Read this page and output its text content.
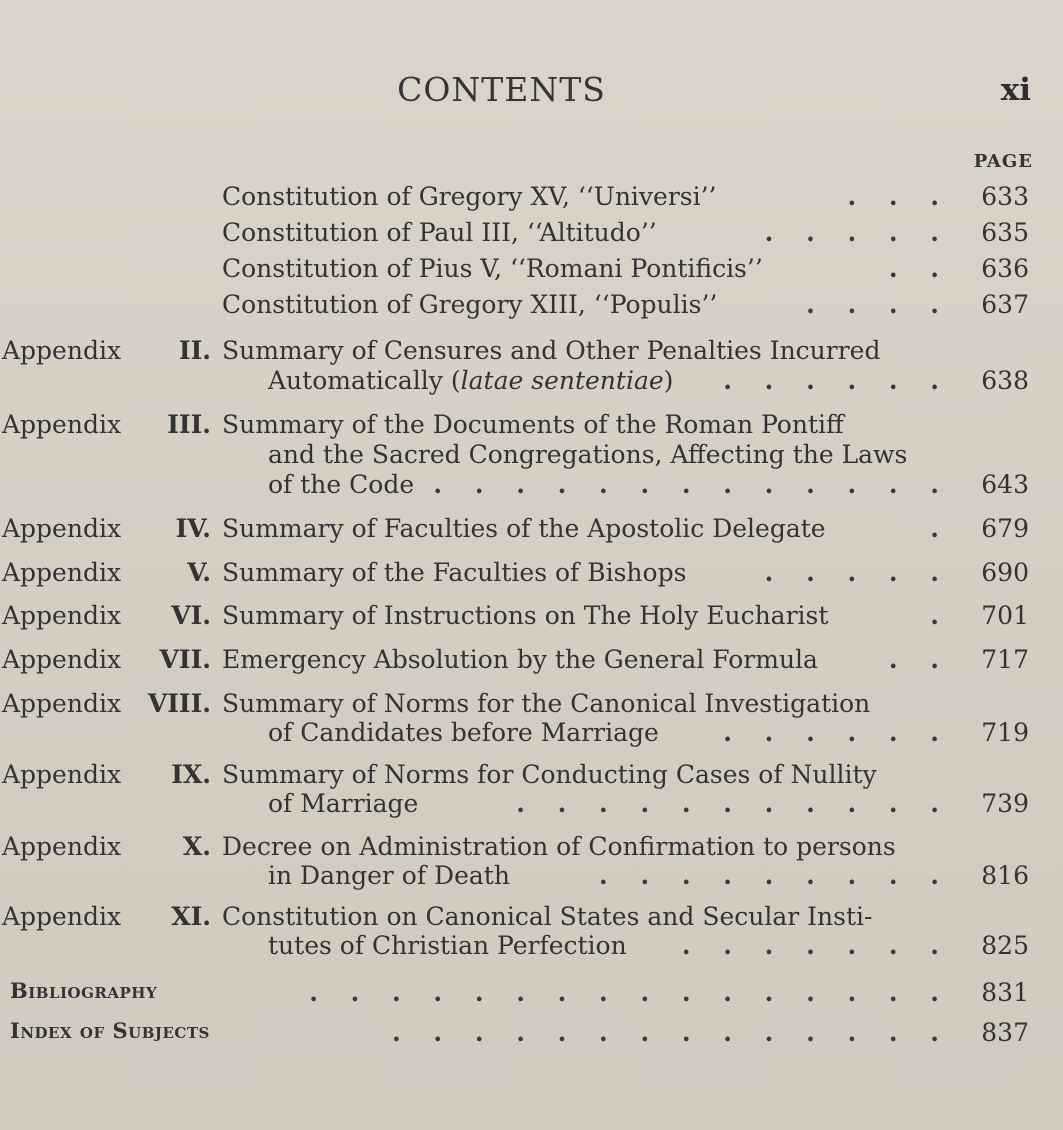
CONTENTS	xi
PAGE
Constitution of Gregory XV, ‘‘Universi’’	. . .	633
Constitution of Paul III, ‘‘Altitudo’’	. . . . .	635
Constitution of Pius V, ‘‘Romani Pontificis’’	. .	636
Constitution of Gregory XIII, ‘‘Populis’’	. . . .	637
Appendix II. Summary of Censures and Other Penalties Incurred
Automatically (latae sententiae) . . . . . .	638
Appendix III. Summary of the Documents of the Roman Pontiff
and the Sacred Congregations, Affecting the Laws
of the Code . . . . . . . . . . . . .	643
Appendix IV. Summary of Faculties of the Apostolic Delegate	.	679
Appendix	V. Summary of the Faculties of Bishops	. . . . .	690
Appendix VI. Summary of Instructions on The Holy Eucharist	.	701
Appendix VII. Emergency Absolution by the General Formula	. .	717
Appendix VIII. Summary of Norms for the Canonical Investigation
of Candidates before Marriage	. . . . . .	719
Appendix IX. Summary of Norms for Conducting Cases of Nullity
of Marriage	. . . . . . . . . . .	739
Appendix X. Decree on Administration of Confirmation to persons
in Danger of Death	. . . . . . . . .	816
Appendix XI. Constitution on Canonical States and Secular Insti-
tutes of Christian Perfection . . . . . . .	825
Bibliography	. . . . . . . . . . . . . . . .	831
Index of Subjects	. . . . . . . . . . . . . .	837
